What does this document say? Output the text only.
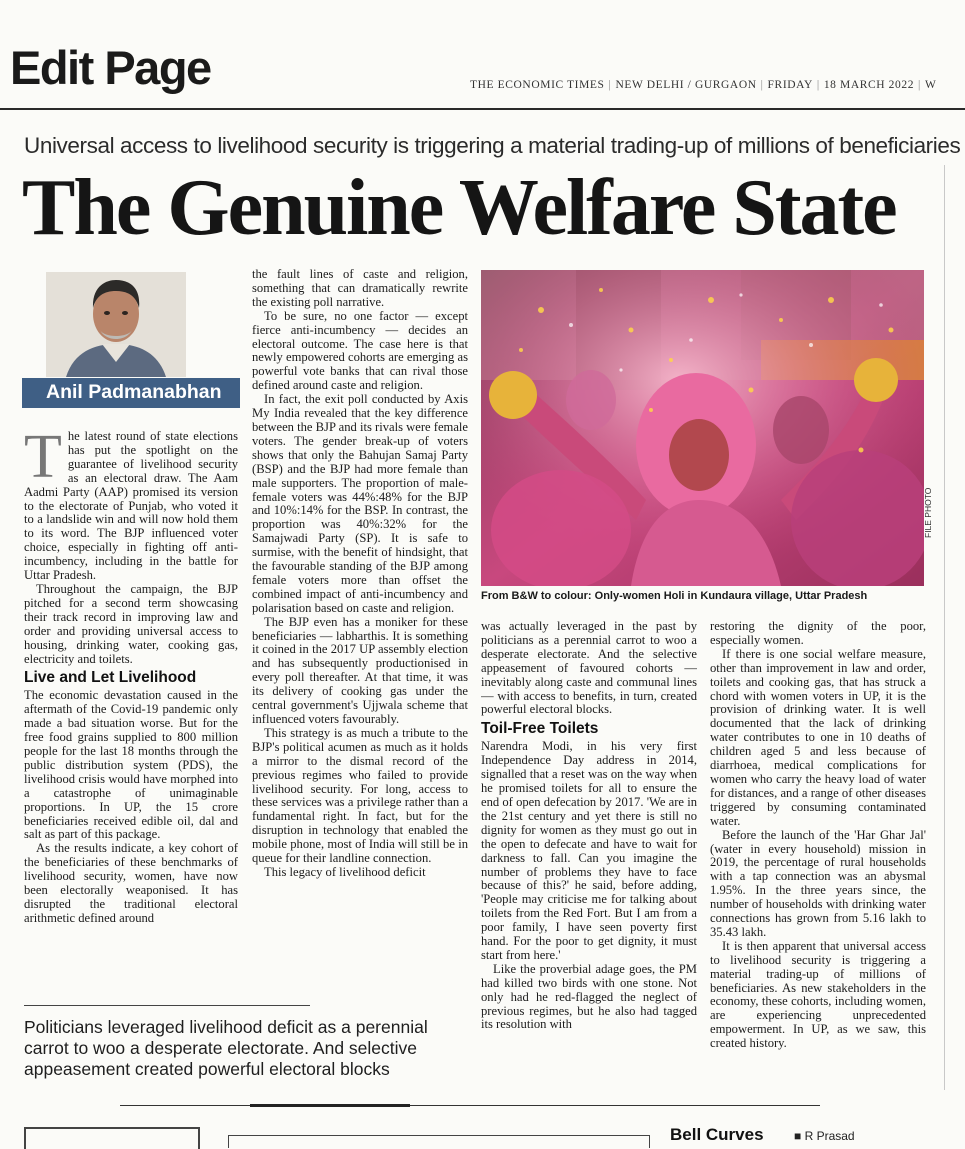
Edit Page	THE ECONOMIC TIMES | NEW DELHI / GURGAON | FRIDAY | 18 MARCH 2022 | W
Universal access to livelihood security is triggering a material trading-up of millions of beneficiaries
The Genuine Welfare State
Anil Padmanabhan
T he latest round of state elections has put the spotlight on the guarantee of livelihood security as an electoral draw. The Aam Aadmi Party (AAP) promised its version to the electorate of Punjab, who voted it to a landslide win and will now hold them to its word. The BJP influenced voter choice, especially in fighting off anti-incumbency, including in the battle for Uttar Pradesh.

Throughout the campaign, the BJP pitched for a second term showcasing their track record in improving law and order and providing universal access to housing, drinking water, cooking gas, electricity and toilets.

Live and Let Livelihood

The economic devastation caused in the aftermath of the Covid-19 pandemic only made a bad situation worse. But for the free food grains supplied to 800 million people for the last 18 months through the public distribution system (PDS), the livelihood crisis would have morphed into a catastrophe of unimaginable proportions. In UP, the 15 crore beneficiaries received edible oil, dal and salt as part of this package.

As the results indicate, a key cohort of the beneficiaries of these benchmarks of livelihood security, women, have now been electorally weaponised. It has disrupted the traditional electoral arithmetic defined around

the fault lines of caste and religion, something that can dramatically rewrite the existing poll narrative.

To be sure, no one factor — except fierce anti-incumbency — decides an electoral outcome. The case here is that newly empowered cohorts are emerging as powerful vote banks that can rival those defined around caste and religion.

In fact, the exit poll conducted by Axis My India revealed that the key difference between the BJP and its rivals were female voters. The gender break-up of voters shows that only the Bahujan Samaj Party (BSP) and the BJP had more female than male supporters. The proportion of male-female voters was 44%:48% for the BJP and 10%:14% for the BSP. In contrast, the proportion was 40%:32% for the Samajwadi Party (SP). It is safe to surmise, with the benefit of hindsight, that the favourable standing of the BJP among female voters more than offset the combined impact of anti-incumbency and polarisation based on caste and religion.

The BJP even has a moniker for these beneficiaries — labharthis. It is something it coined in the 2017 UP assembly election and has subsequently productionised in every poll thereafter. At that time, it was its delivery of cooking gas under the central government's Ujjwala scheme that influenced voters favourably.

This strategy is as much a tribute to the BJP's political acumen as much as it holds a mirror to the dismal record of the previous regimes who failed to provide livelihood security. For long, access to these services was a privilege rather than a fundamental right. In fact, but for the disruption in technology that enabled the mobile phone, most of India will still be in queue for their landline connection.

This legacy of livelihood deficit

FILE PHOTO
From B&W to colour: Only-women Holi in Kundaura village, Uttar Pradesh

was actually leveraged in the past by politicians as a perennial carrot to woo a desperate electorate. And the selective appeasement of favoured cohorts — inevitably along caste and communal lines — with access to benefits, in turn, created powerful electoral blocks.

Toil-Free Toilets

Narendra Modi, in his very first Independence Day address in 2014, signalled that a reset was on the way when he promised toilets for all to ensure the end of open defecation by 2017. 'We are in the 21st century and yet there is still no dignity for women as they must go out in the open to defecate and have to wait for darkness to fall. Can you imagine the number of problems they have to face because of this?' he said, before adding, 'People may criticise me for talking about toilets from the Red Fort. But I am from a poor family, I have seen poverty first hand. For the poor to get dignity, it must start from here.'

Like the proverbial adage goes, the PM had killed two birds with one stone. Not only had he red-flagged the neglect of previous regimes, but he also had tagged its resolution with

restoring the dignity of the poor, especially women.

If there is one social welfare measure, other than improvement in law and order, toilets and cooking gas, that has struck a chord with women voters in UP, it is the provision of drinking water. It is well documented that the lack of drinking water contributes to one in 10 deaths of children aged 5 and less because of diarrhoea, medical complications for women who carry the heavy load of water for distances, and a range of other diseases triggered by consuming contaminated water.

Before the launch of the 'Har Ghar Jal' (water in every household) mission in 2019, the percentage of rural households with a tap connection was an abysmal 1.95%. In the three years since, the number of households with drinking water connections has grown from 5.16 lakh to 35.43 lakh.

It is then apparent that universal access to livelihood security is triggering a material trading-up of millions of beneficiaries. As new stakeholders in the economy, these cohorts, including women, are experiencing unprecedented empowerment. In UP, as we saw, this created history.

Politicians leveraged livelihood deficit as a perennial carrot to woo a desperate electorate. And selective appeasement created powerful electoral blocks
Bell Curves	■ R Prasad
